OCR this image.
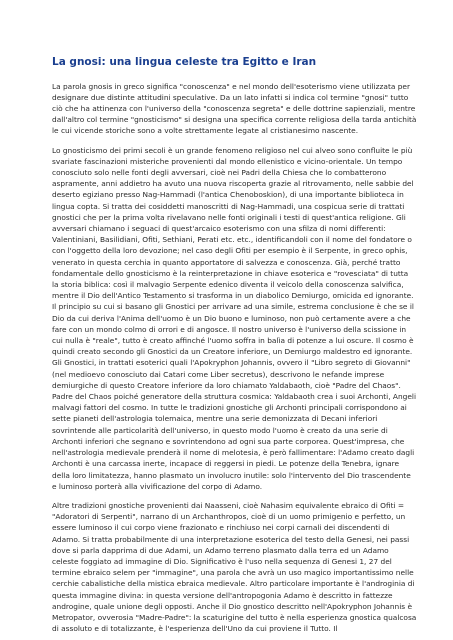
La gnosi: una lingua celeste tra Egitto e Iran

La parola gnosis in greco significa "conoscenza" e nel mondo dell'esoterismo viene utilizzata per designare due distinte attitudini speculative. Da un lato infatti si indica col termine "gnosi" tutto ciò che ha attinenza con l'universo della "conoscenza segreta" e delle dottrine sapienziali, mentre dall'altro col termine "gnosticismo" si designa una specifica corrente religiosa della tarda antichità le cui vicende storiche sono a volte strettamente legate al cristianesimo nascente.

Lo gnosticismo dei primi secoli è un grande fenomeno religioso nel cui alveo sono confluite le più svariate fascinazioni misteriche provenienti dal mondo ellenistico e vicino-orientale. Un tempo conosciuto solo nelle fonti degli avversari, cioè nei Padri della Chiesa che lo combatterono aspramente, anni addietro ha avuto una nuova riscoperta grazie al ritrovamento, nelle sabbie del deserto egiziano presso Nag-Hammadi (l'antica Chenoboskion), di una importante biblioteca in lingua copta. Si tratta dei cosiddetti manoscritti di Nag-Hammadi, una cospicua serie di trattati gnostici che per la prima volta rivelavano nelle fonti originali i testi di quest'antica religione. Gli avversari chiamano i seguaci di quest'arcaico esoterismo con una sfilza di nomi differenti: Valentiniani, Basilidiani, Ofiti, Sethiani, Perati etc. etc., identificandoli con il nome del fondatore o con l'oggetto della loro devozione; nel caso degli Ofiti per esempio è il Serpente, in greco ophis, venerato in questa cerchia in quanto apportatore di salvezza e conoscenza. Già, perché tratto fondamentale dello gnosticismo è la reinterpretazione in chiave esoterica e "rovesciata" di tutta la storia biblica: così il malvagio Serpente edenico diventa il veicolo della conoscenza salvifica, mentre il Dio dell'Antico Testamento si trasforma in un diabolico Demiurgo, omicida ed ignorante. Il principio su cui si basano gli Gnostici per arrivare ad una simile, estrema conclusione è che se il Dio da cui deriva l'Anima dell'uomo è un Dio buono e luminoso, non può certamente avere a che fare con un mondo colmo di orrori e di angosce. Il nostro universo è l'universo della scissione in cui nulla è "reale", tutto è creato affinché l'uomo soffra in balìa di potenze a lui oscure. Il cosmo è quindi creato secondo gli Gnostici da un Creatore inferiore, un Demiurgo maldestro ed ignorante. Gli Gnostici, in trattati esoterici quali l'Apokryphon Johannis, ovvero il "Libro segreto di Giovanni" (nel medioevo conosciuto dai Catari come Liber secretus), descrivono le nefande imprese demiurgiche di questo Creatore inferiore da loro chiamato Yaldabaoth, cioè "Padre del Chaos". Padre del Chaos poiché generatore della struttura cosmica: Yaldabaoth crea i suoi Archonti, Angeli malvagi fattori del cosmo. In tutte le tradizioni gnostiche gli Archonti principali corrispondono ai sette pianeti dell'astrologia tolemaica, mentre una serie demonizzata di Decani inferiori sovrintende alle particolarità dell'universo, in questo modo l'uomo è creato da una serie di Archonti inferiori che segnano e sovrintendono ad ogni sua parte corporea. Quest'impresa, che nell'astrologia medievale prenderà il nome di melotesia, è però fallimentare: l'Adamo creato dagli Archonti è una carcassa inerte, incapace di reggersi in piedi. Le potenze della Tenebra, ignare della loro limitatezza, hanno plasmato un involucro inutile: solo l'intervento del Dio trascendente e luminoso porterà alla vivificazione del corpo di Adamo.

Altre tradizioni gnostiche provenienti dai Naasseni, cioè Nahasim equivalente ebraico di Ofiti = "Adoratori di Serpenti", narrano di un Archanthropos, cioè di un uomo primigenio e perfetto, un essere luminoso il cui corpo viene frazionato e rinchiuso nei corpi carnali dei discendenti di Adamo. Si tratta probabilmente di una interpretazione esoterica del testo della Genesi, nei passi dove si parla dapprima di due Adami, un Adamo terreno plasmato dalla terra ed un Adamo celeste foggiato ad immagine di Dio. Significativo è l'uso nella sequenza di Genesi 1, 27 del termine ebraico selem per "immagine", una parola che avrà un uso magico importantissimo nelle cerchie cabalistiche della mistica ebraica medievale. Altro particolare importante è l'androginia di questa immagine divina: in questa versione dell'antropogonia Adamo è descritto in fattezze androgine, quale unione degli opposti. Anche il Dio gnostico descritto nell'Apokryphon Johannis è Metropator, ovverosia "Madre-Padre": la scaturigine del tutto è nella esperienza gnostica qualcosa di assoluto e di totalizzante, è l'esperienza dell'Uno da cui proviene il Tutto. Il
